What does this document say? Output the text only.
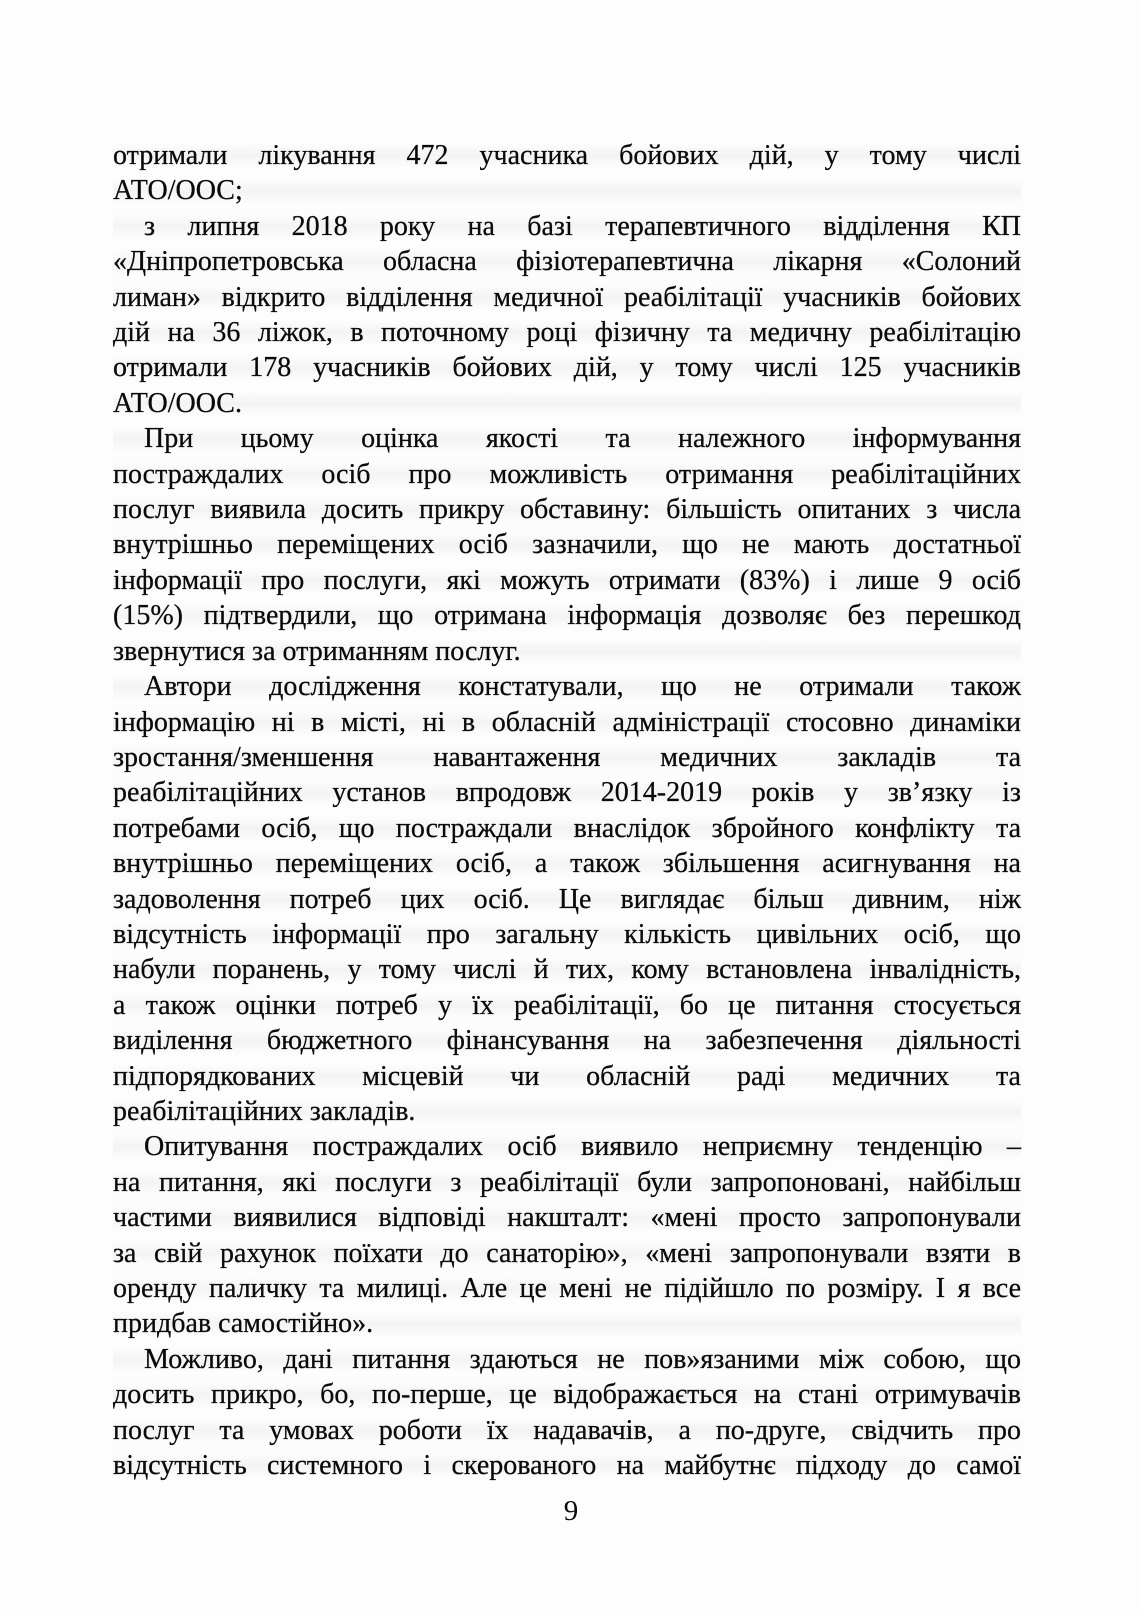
отримали лікування 472 учасника бойових дій, у тому числі
АТО/ООС;
з липня 2018 року на базі терапевтичного відділення КП
«Дніпропетровська обласна фізіотерапевтична лікарня «Солоний
лиман» відкрито відділення медичної реабілітації учасників бойових
дій на 36 ліжок, в поточному році фізичну та медичну реабілітацію
отримали 178 учасників бойових дій, у тому числі 125 учасників
АТО/ООС.
При цьому оцінка якості та належного інформування
постраждалих осіб про можливість отримання реабілітаційних
послуг виявила досить прикру обставину: більшість опитаних з числа
внутрішньо переміщених осіб зазначили, що не мають достатньої
інформації про послуги, які можуть отримати (83%) і лише 9 осіб
(15%) підтвердили, що отримана інформація дозволяє без перешкод
звернутися за отриманням послуг.
Автори дослідження констатували, що не отримали також
інформацію ні в місті, ні в обласній адміністрації стосовно динаміки
зростання/зменшення навантаження медичних закладів та
реабілітаційних установ впродовж 2014-2019 років у зв’язку із
потребами осіб, що постраждали внаслідок збройного конфлікту та
внутрішньо переміщених осіб, а також збільшення асигнування на
задоволення потреб цих осіб. Це виглядає більш дивним, ніж
відсутність інформації про загальну кількість цивільних осіб, що
набули поранень, у тому числі й тих, кому встановлена інвалідність,
а також оцінки потреб у їх реабілітації, бо це питання стосується
виділення бюджетного фінансування на забезпечення діяльності
підпорядкованих місцевій чи обласній раді медичних та
реабілітаційних закладів.
Опитування постраждалих осіб виявило неприємну тенденцію –
на питання, які послуги з реабілітації були запропоновані, найбільш
частими виявилися відповіді накшталт: «мені просто запропонували
за свій рахунок поїхати до санаторію», «мені запропонували взяти в
оренду паличку та милиці. Але це мені не підійшло по розміру. І я все
придбав самостійно».
Можливо, дані питання здаються не пов»язаними між собою, що
досить прикро, бо, по-перше, це відображається на стані отримувачів
послуг та умовах роботи їх надавачів, а по-друге, свідчить про
відсутність системного і скерованого на майбутнє підходу до самої
9
